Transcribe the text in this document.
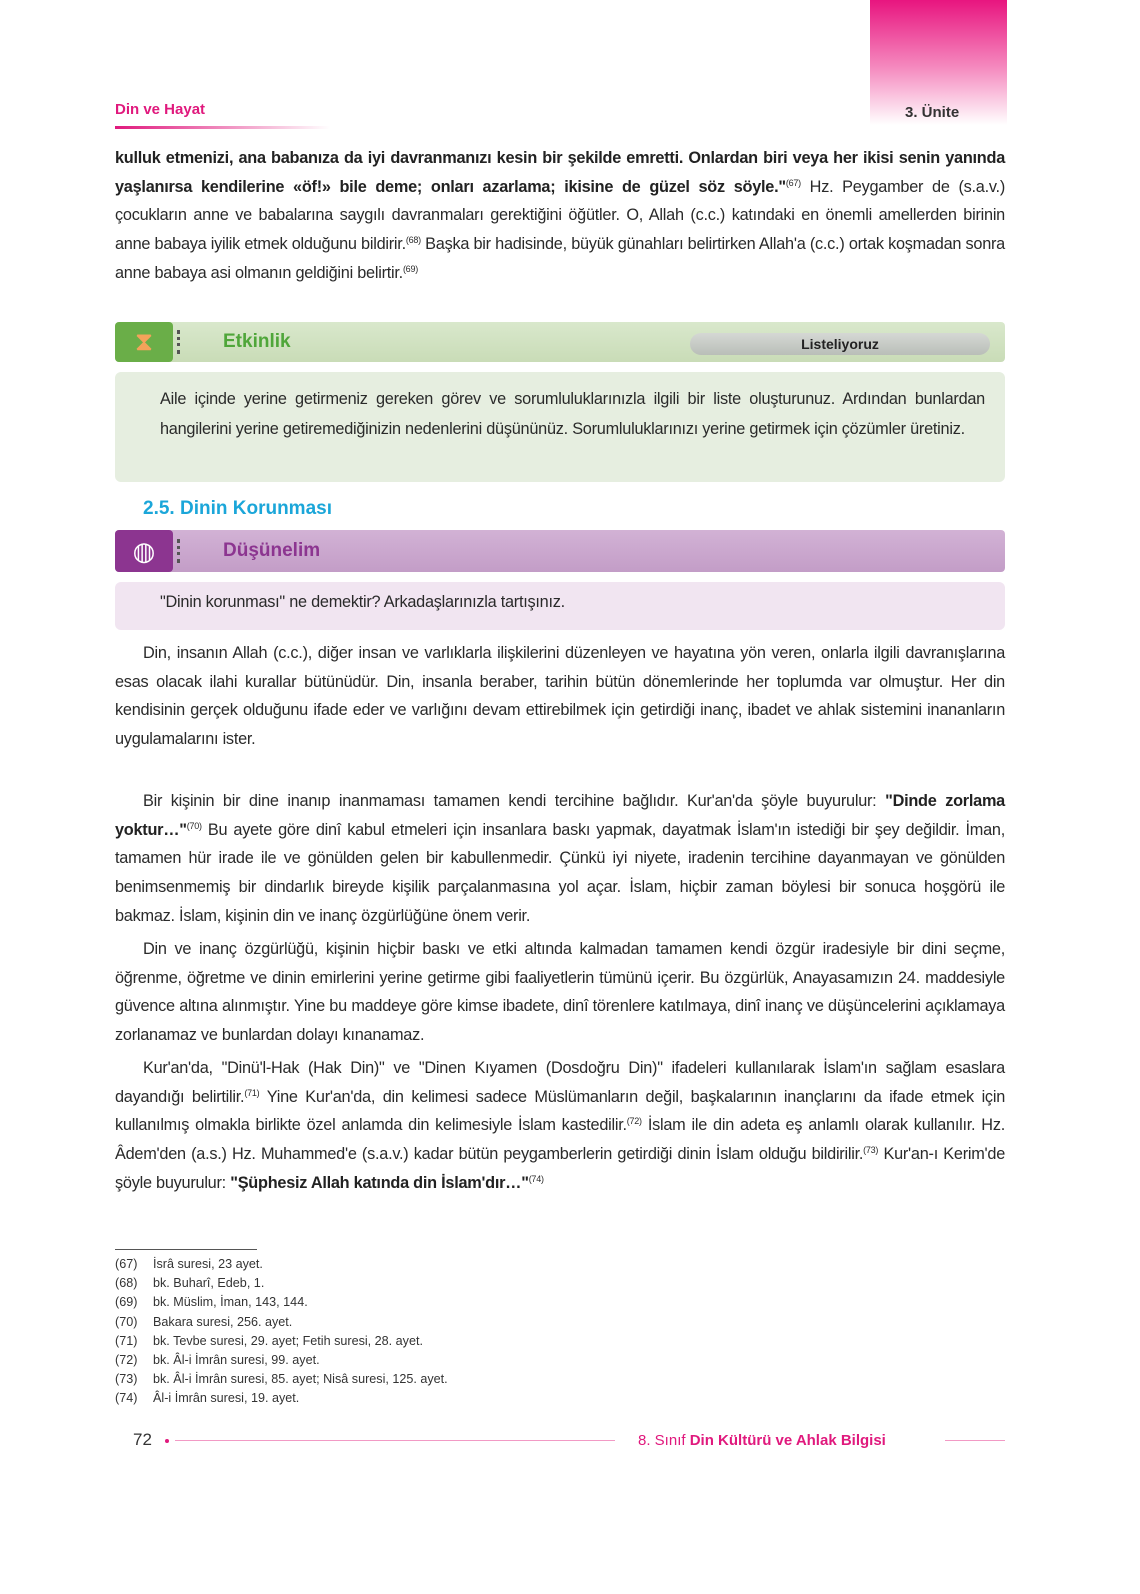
3. Ünite
Din ve Hayat
kulluk etmenizi, ana babanıza da iyi davranmanızı kesin bir şekilde emretti. Onlardan biri veya her ikisi senin yanında yaşlanırsa kendilerine «öf!» bile deme; onları azarlama; ikisine de güzel söz söyle."$^{(67)}$ Hz. Peygamber de (s.a.v.) çocukların anne ve babalarına saygılı davranmaları gerektiğini öğütler. O, Allah (c.c.) katındaki en önemli amellerden birinin anne babaya iyilik etmek olduğunu bildirir.$^{(68)}$ Başka bir hadisinde, büyük günahları belirtirken Allah'a (c.c.) ortak koşmadan sonra anne babaya asi olmanın geldiğini belirtir.$^{(69)}$
⧗	Etkinlik	Listeliyoruz
Aile içinde yerine getirmeniz gereken görev ve sorumluluklarınızla ilgili bir liste oluşturunuz. Ardından bunlardan hangilerini yerine getiremediğinizin nedenlerini düşününüz. Sorumluluklarınızı yerine getirmek için çözümler üretiniz.
2.5. Dinin Korunması
◍	Düşünelim
"Dinin korunması" ne demektir? Arkadaşlarınızla tartışınız.
Din, insanın Allah (c.c.), diğer insan ve varlıklarla ilişkilerini düzenleyen ve hayatına yön veren, onlarla ilgili davranışlarına esas olacak ilahi kurallar bütünüdür. Din, insanla beraber, tarihin bütün dönemlerinde her toplumda var olmuştur. Her din kendisinin gerçek olduğunu ifade eder ve varlığını devam ettirebilmek için getirdiği inanç, ibadet ve ahlak sistemini inananların uygulamalarını ister.
Bir kişinin bir dine inanıp inanmaması tamamen kendi tercihine bağlıdır. Kur'an'da şöyle buyurulur: "Dinde zorlama yoktur…"$^{(70)}$ Bu ayete göre dinî kabul etmeleri için insanlara baskı yapmak, dayatmak İslam'ın istediği bir şey değildir. İman, tamamen hür irade ile ve gönülden gelen bir kabullenmedir. Çünkü iyi niyete, iradenin tercihine dayanmayan ve gönülden benimsenmemiş bir dindarlık bireyde kişilik parçalanmasına yol açar. İslam, hiçbir zaman böylesi bir sonuca hoşgörü ile bakmaz. İslam, kişinin din ve inanç özgürlüğüne önem verir.
Din ve inanç özgürlüğü, kişinin hiçbir baskı ve etki altında kalmadan tamamen kendi özgür iradesiyle bir dini seçme, öğrenme, öğretme ve dinin emirlerini yerine getirme gibi faaliyetlerin tümünü içerir. Bu özgürlük, Anayasamızın 24. maddesiyle güvence altına alınmıştır. Yine bu maddeye göre kimse ibadete, dinî törenlere katılmaya, dinî inanç ve düşüncelerini açıklamaya zorlanamaz ve bunlardan dolayı kınanamaz.
Kur'an'da, "Dinü'l-Hak (Hak Din)" ve "Dinen Kıyamen (Dosdoğru Din)" ifadeleri kullanılarak İslam'ın sağlam esaslara dayandığı belirtilir.$^{(71)}$ Yine Kur'an'da, din kelimesi sadece Müslümanların değil, başkalarının inançlarını da ifade etmek için kullanılmış olmakla birlikte özel anlamda din kelimesiyle İslam kastedilir.$^{(72)}$ İslam ile din adeta eş anlamlı olarak kullanılır. Hz. Âdem'den (a.s.) Hz. Muhammed'e (s.a.v.) kadar bütün peygamberlerin getirdiği dinin İslam olduğu bildirilir.$^{(73)}$ Kur'an-ı Kerim'de şöyle buyurulur: "Şüphesiz Allah katında din İslam'dır…"$^{(74)}$
(67) İsrâ suresi, 23 ayet.
(68) bk. Buharî, Edeb, 1.
(69) bk. Müslim, İman, 143, 144.
(70) Bakara suresi, 256. ayet.
(71) bk. Tevbe suresi, 29. ayet; Fetih suresi, 28. ayet.
(72) bk. Âl-i İmrân suresi, 99. ayet.
(73) bk. Âl-i İmrân suresi, 85. ayet; Nisâ suresi, 125. ayet.
(74) Âl-i İmrân suresi, 19. ayet.
72	8. Sınıf Din Kültürü ve Ahlak Bilgisi
